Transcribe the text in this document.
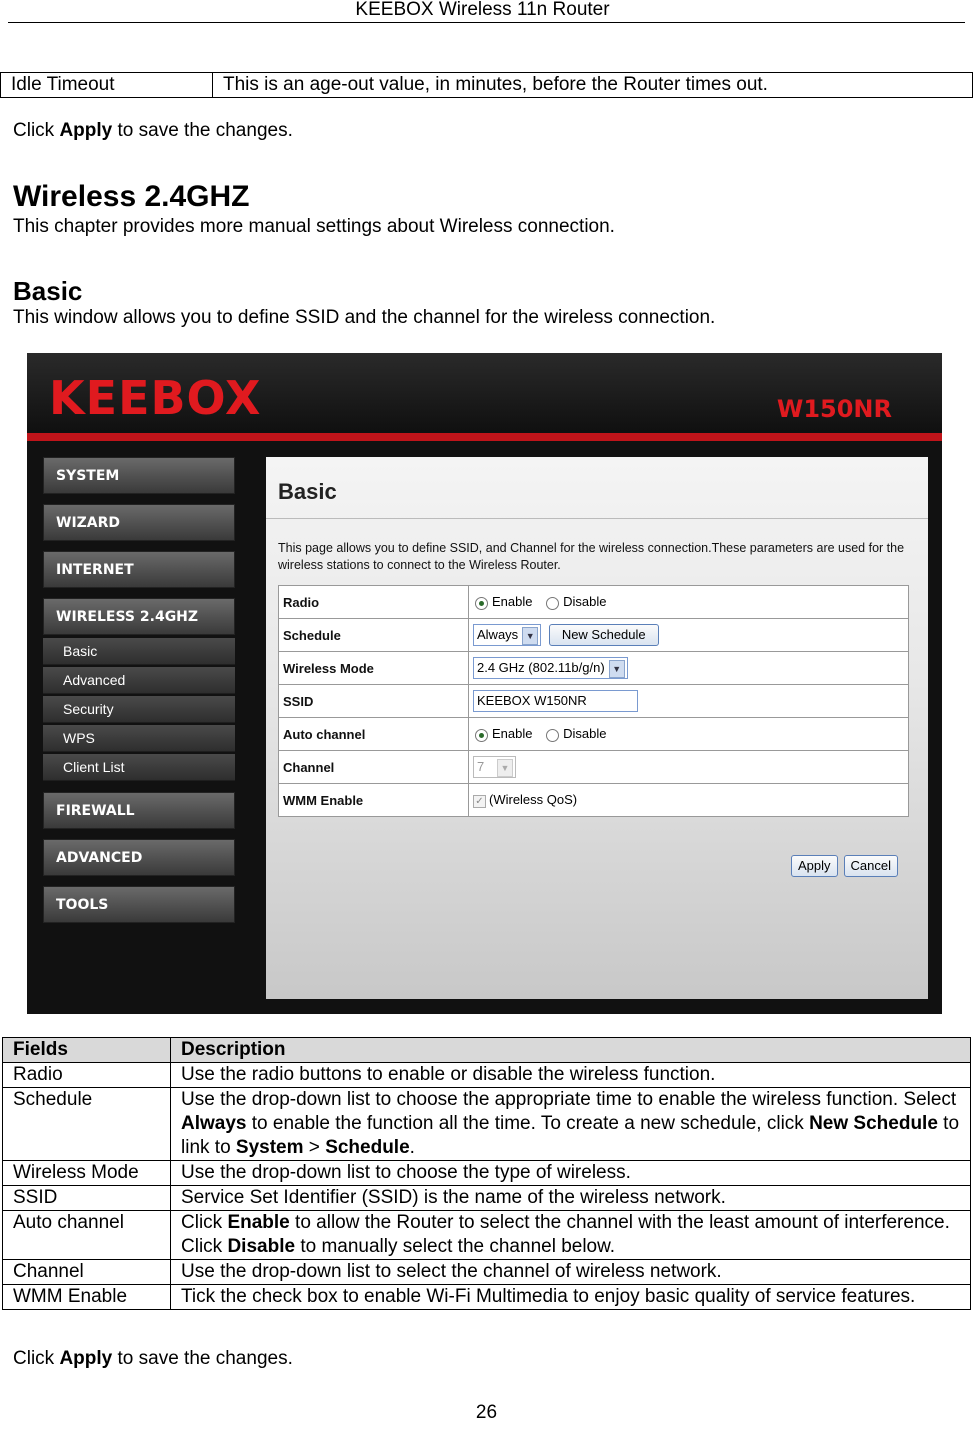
KEEBOX Wireless 11n Router
Idle Timeout	This is an age-out value, in minutes, before the Router times out.
Click Apply to save the changes.
Wireless 2.4GHZ
This chapter provides more manual settings about Wireless connection.
Basic
This window allows you to define SSID and the channel for the wireless connection.
KEEBOX	W150NR
SYSTEM
WIZARD
INTERNET
WIRELESS 2.4GHZ
Basic
Advanced
Security
WPS
Client List
FIREWALL
ADVANCED
TOOLS
Basic
This page allows you to define SSID, and Channel for the wireless connection.These parameters are used for the wireless stations to connect to the Wireless Router.
Radio	Enable Disable
Schedule	Always ▼ New Schedule
Wireless Mode	2.4 GHz (802.11b/g/n) ▼
SSID	KEEBOX W150NR
Auto channel	Enable Disable
Channel	7 ▼
WMM Enable	✓ (Wireless QoS)
Apply Cancel
Fields	Description
Radio	Use the radio buttons to enable or disable the wireless function.
Schedule	Use the drop-down list to choose the appropriate time to enable the wireless function. Select Always to enable the function all the time. To create a new schedule, click New Schedule to link to System > Schedule.
Wireless Mode	Use the drop-down list to choose the type of wireless.
SSID	Service Set Identifier (SSID) is the name of the wireless network.
Auto channel	Click Enable to allow the Router to select the channel with the least amount of interference. Click Disable to manually select the channel below.
Channel	Use the drop-down list to select the channel of wireless network.
WMM Enable	Tick the check box to enable Wi-Fi Multimedia to enjoy basic quality of service features.
Click Apply to save the changes.
26
